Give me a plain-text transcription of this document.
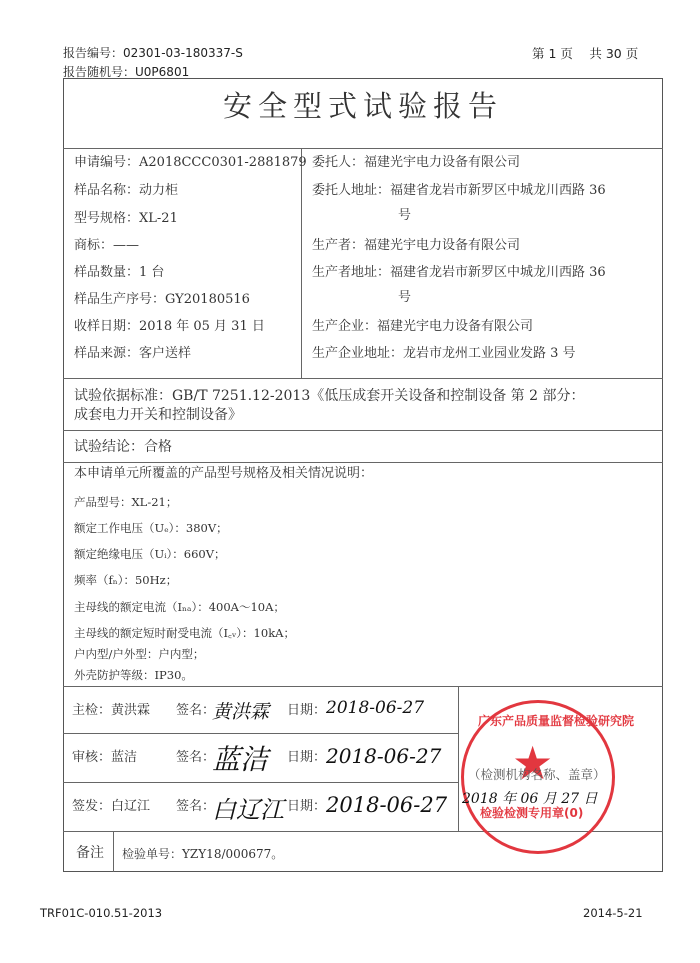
报告编号：02301-03-180337-S
报告随机号：U0P6801
第 1 页　 共 30 页
安全型式试验报告
申请编号：A2018CCC0301-2881879
样品名称：动力柜
型号规格：XL-21
商标：——
样品数量：1 台
样品生产序号：GY20180516
收样日期：2018 年 05 月 31 日
样品来源：客户送样
委托人：福建光宇电力设备有限公司
委托人地址：福建省龙岩市新罗区中城龙川西路 36
号
生产者：福建光宇电力设备有限公司
生产者地址：福建省龙岩市新罗区中城龙川西路 36
号
生产企业：福建光宇电力设备有限公司
生产企业地址：龙岩市龙州工业园业发路 3 号
试验依据标准：GB/T 7251.12-2013《低压成套开关设备和控制设备 第 2 部分：
成套电力开关和控制设备》
试验结论：合格
本申请单元所覆盖的产品型号规格及相关情况说明：
产品型号：XL-21；
额定工作电压（Uₑ）：380V；
额定绝缘电压（Uᵢ）：660V；
频率（fₙ）：50Hz；
主母线的额定电流（Iₙₐ）：400A～10A；
主母线的额定短时耐受电流（I꜀ᵥ）：10kA；
户内型/户外型：户内型；
外壳防护等级：IP30。
主检：黄洪霖 签名：
黄洪霖 日期： 2018-06-27
审核：蓝洁	签名：
蓝洁 日期： 2018-06-27
签发：白辽江 签名：
白辽江 日期： 2018-06-27
★
广东产品质量监督检验研究院
（检测机构名称、盖章）
检验检测专用章(0)
2018 年 06 月 27 日
备注 检验单号：YZY18/000677。
TRF01C-010.51-2013	2014-5-21
